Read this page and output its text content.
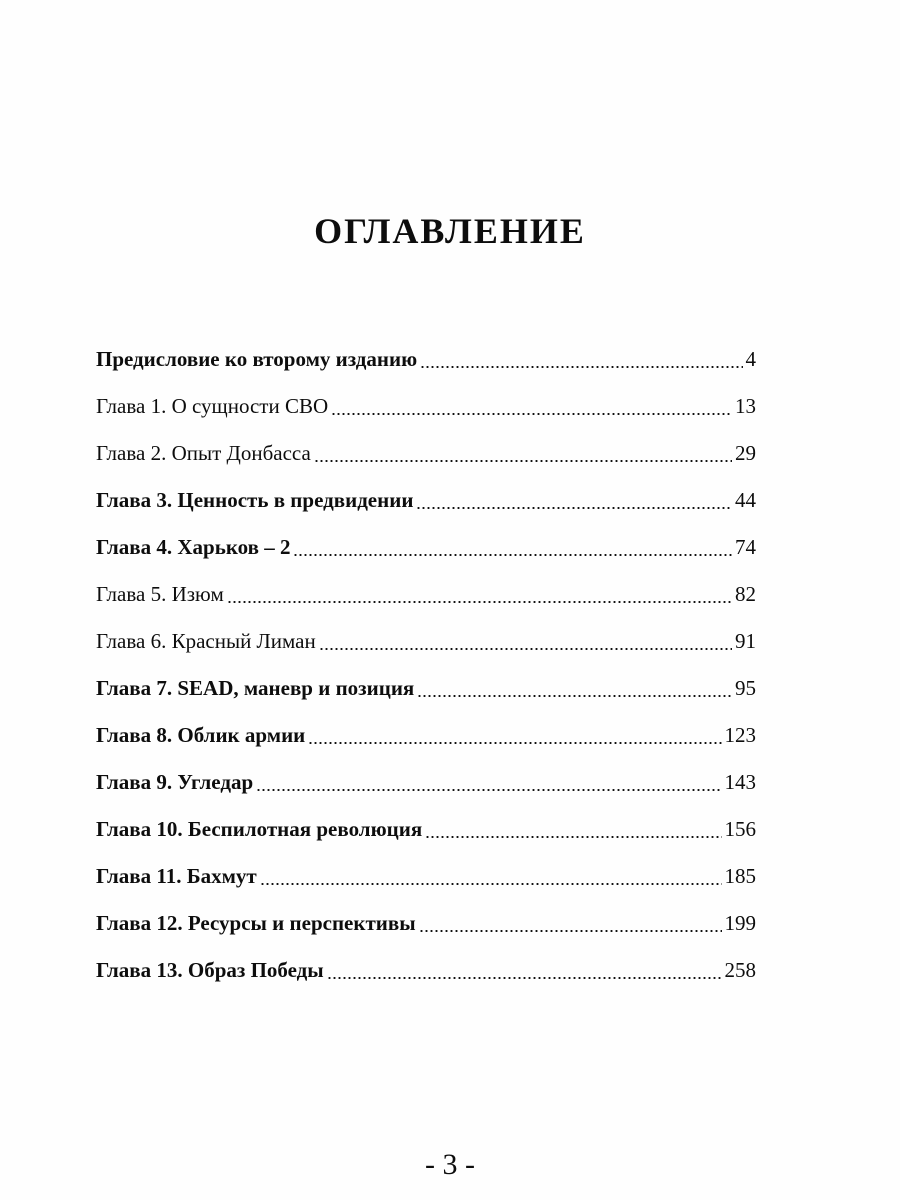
ОГЛАВЛЕНИЕ
Предисловие ко второму изданию	4
Глава 1. О сущности СВО	13
Глава 2. Опыт Донбасса	29
Глава 3. Ценность в предвидении	44
Глава 4. Харьков – 2	74
Глава 5. Изюм	82
Глава 6. Красный Лиман	91
Глава 7. SEAD, маневр и позиция	95
Глава 8. Облик армии	123
Глава 9. Угледар	143
Глава 10. Беспилотная революция	156
Глава 11. Бахмут	185
Глава 12. Ресурсы и перспективы	199
Глава 13. Образ Победы	258

- 3 -
